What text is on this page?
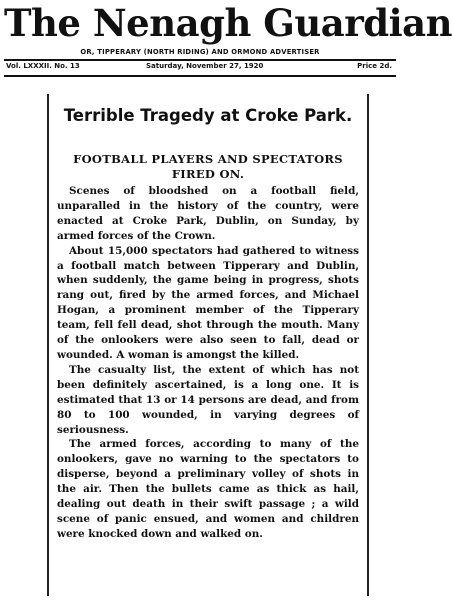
The Nenagh Guardian
OR, TIPPERARY (NORTH RIDING) AND ORMOND ADVERTISER
Vol. LXXXII. No. 13	Saturday, November 27, 1920	Price 2d.
Terrible Tragedy at Croke Park.
FOOTBALL PLAYERS AND SPECTATORS FIRED ON.

Scenes of bloodshed on a football field, unparalled in the history of the country, were enacted at Croke Park, Dublin, on Sunday, by armed forces of the Crown.

About 15,000 spectators had gathered to witness a football match between Tipperary and Dublin, when suddenly, the game being in progress, shots rang out, fired by the armed forces, and Michael Hogan, a prominent member of the Tipperary team, fell fell dead, shot through the mouth. Many of the onlookers were also seen to fall, dead or wounded. A woman is amongst the killed.

The casualty list, the extent of which has not been definitely ascertained, is a long one. It is estimated that 13 or 14 persons are dead, and from 80 to 100 wounded, in varying degrees of seriousness.

The armed forces, according to many of the onlookers, gave no warning to the spectators to disperse, beyond a preliminary volley of shots in the air. Then the bullets came as thick as hail, dealing out death in their swift passage ; a wild scene of panic ensued, and women and children were knocked down and walked on.
